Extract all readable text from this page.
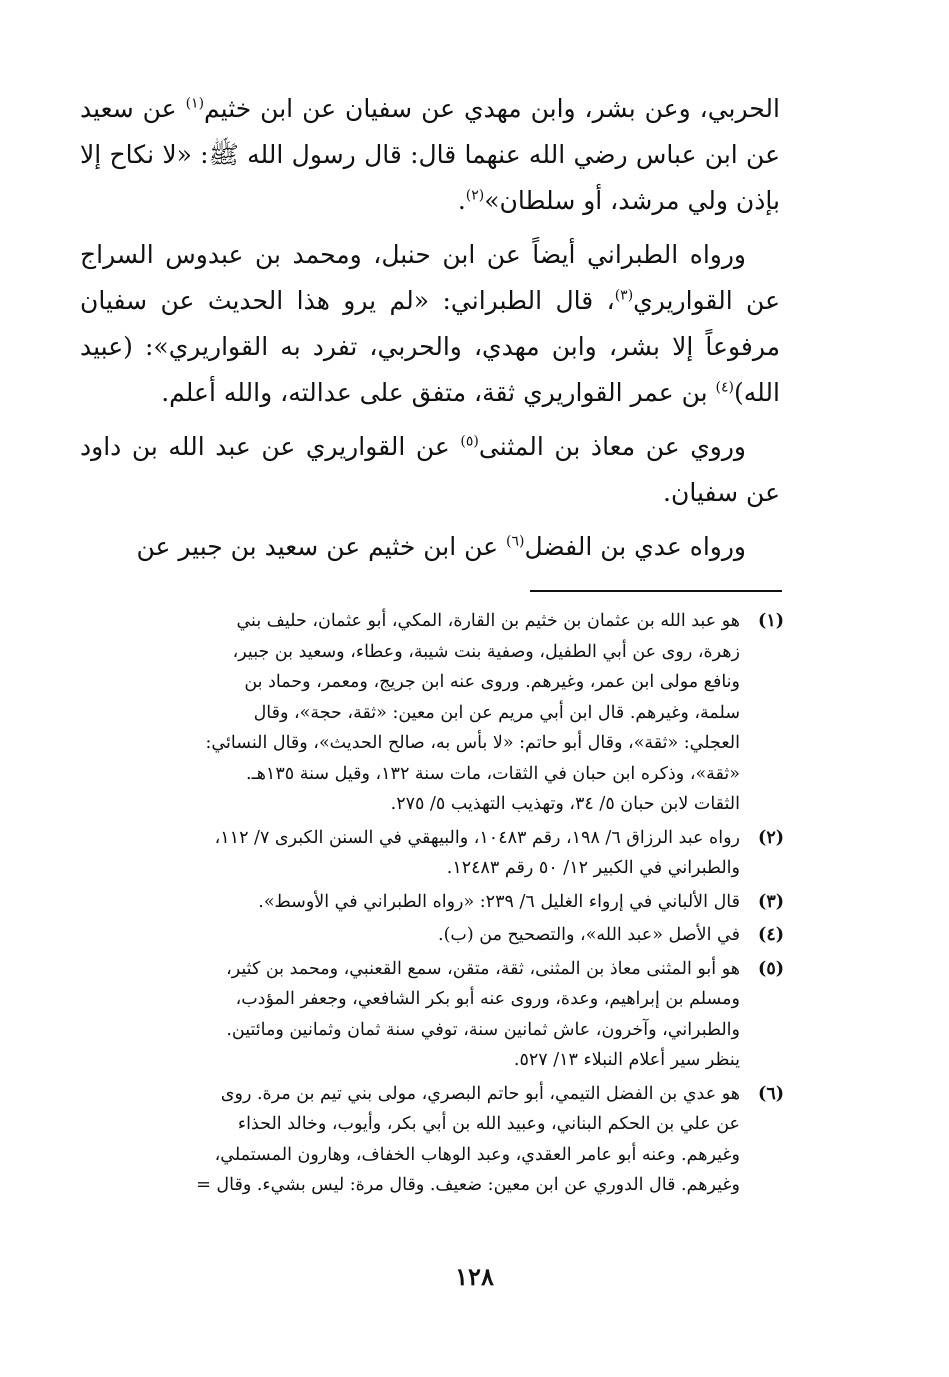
الحربي، وعن بشر، وابن مهدي عن سفيان عن ابن خثيم$^{(١)}$ عن سعيد عن ابن عباس رضي الله عنهما قال: قال رسول الله ﷺ: «لا نكاح إلا بإذن ولي مرشد، أو سلطان»$^{(٢)}$.

ورواه الطبراني أيضاً عن ابن حنبل، ومحمد بن عبدوس السراج عن القواريري$^{(٣)}$، قال الطبراني: «لم يرو هذا الحديث عن سفيان مرفوعاً إلا بشر، وابن مهدي، والحربي، تفرد به القواريري»: (عبيد الله)$^{(٤)}$ بن عمر القواريري ثقة، متفق على عدالته، والله أعلم.

وروي عن معاذ بن المثنى$^{(٥)}$ عن القواريري عن عبد الله بن داود عن سفيان.

ورواه عدي بن الفضل$^{(٦)}$ عن ابن خثيم عن سعيد بن جبير عن

(١)
هو عبد الله بن عثمان بن خثيم بن القارة، المكي، أبو عثمان، حليف بني
زهرة، روى عن أبي الطفيل، وصفية بنت شيبة، وعطاء، وسعيد بن جبير،
ونافع مولى ابن عمر، وغيرهم. وروى عنه ابن جريج، ومعمر، وحماد بن
سلمة، وغيرهم. قال ابن أبي مريم عن ابن معين: «ثقة، حجة»، وقال
العجلي: «ثقة»، وقال أبو حاتم: «لا بأس به، صالح الحديث»، وقال النسائي:
«ثقة»، وذكره ابن حبان في الثقات، مات سنة ١٣٢، وقيل سنة ١٣٥هـ.
الثقات لابن حبان ٥/ ٣٤، وتهذيب التهذيب ٥/ ٢٧٥.
(٢)
رواه عبد الرزاق ٦/ ١٩٨، رقم ١٠٤٨٣، والبيهقي في السنن الكبرى ٧/ ١١٢،
والطبراني في الكبير ١٢/ ٥٠ رقم ١٢٤٨٣.
(٣)
قال الألباني في إرواء الغليل ٦/ ٢٣٩: «رواه الطبراني في الأوسط».
(٤)
في الأصل «عبد الله»، والتصحيح من (ب).
(٥)
هو أبو المثنى معاذ بن المثنى، ثقة، متقن، سمع القعنبي، ومحمد بن كثير،
ومسلم بن إبراهيم، وعدة، وروى عنه أبو بكر الشافعي، وجعفر المؤدب،
والطبراني، وآخرون، عاش ثمانين سنة، توفي سنة ثمان وثمانين ومائتين.
ينظر سير أعلام النبلاء ١٣/ ٥٢٧.
(٦)
هو عدي بن الفضل التيمي، أبو حاتم البصري، مولى بني تيم بن مرة. روى
عن علي بن الحكم البناني، وعبيد الله بن أبي بكر، وأيوب، وخالد الحذاء
وغيرهم. وعنه أبو عامر العقدي، وعبد الوهاب الخفاف، وهارون المستملي،
وغيرهم. قال الدوري عن ابن معين: ضعيف. وقال مرة: ليس بشيء. وقال =
١٢٨
